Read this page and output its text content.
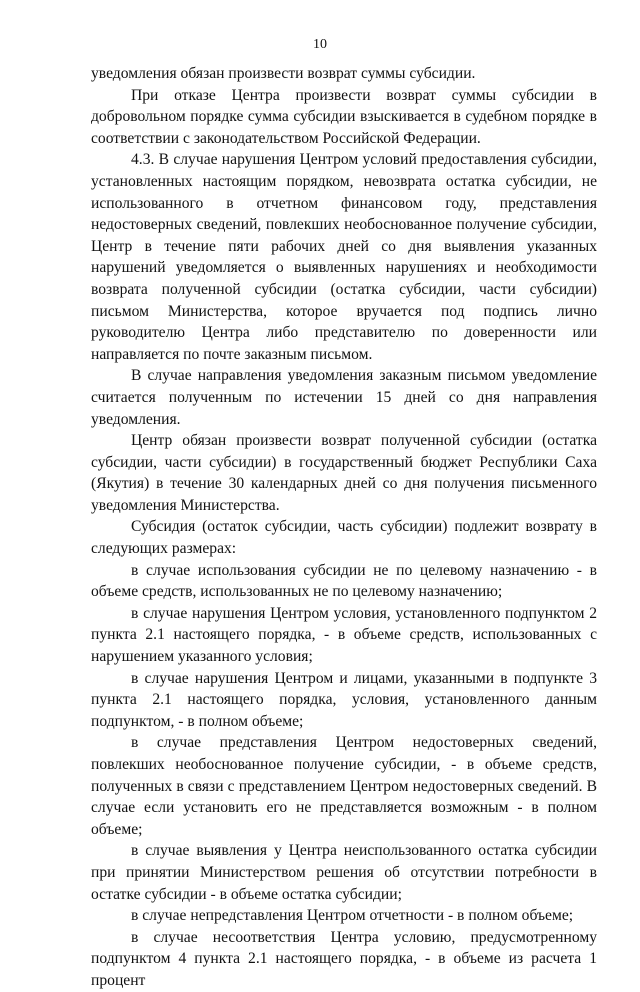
10

уведомления обязан произвести возврат суммы субсидии.

При отказе Центра произвести возврат суммы субсидии в добровольном порядке сумма субсидии взыскивается в судебном порядке в соответствии с законодательством Российской Федерации.

4.3. В случае нарушения Центром условий предоставления субсидии, установленных настоящим порядком, невозврата остатка субсидии, не использованного в отчетном финансовом году, представления недостоверных сведений, повлекших необоснованное получение субсидии, Центр в течение пяти рабочих дней со дня выявления указанных нарушений уведомляется о выявленных нарушениях и необходимости возврата полученной субсидии (остатка субсидии, части субсидии) письмом Министерства, которое вручается под подпись лично руководителю Центра либо представителю по доверенности или направляется по почте заказным письмом.

В случае направления уведомления заказным письмом уведомление считается полученным по истечении 15 дней со дня направления уведомления.

Центр обязан произвести возврат полученной субсидии (остатка субсидии, части субсидии) в государственный бюджет Республики Саха (Якутия) в течение 30 календарных дней со дня получения письменного уведомления Министерства.

Субсидия (остаток субсидии, часть субсидии) подлежит возврату в следующих размерах:

в случае использования субсидии не по целевому назначению - в объеме средств, использованных не по целевому назначению;

в случае нарушения Центром условия, установленного подпунктом 2 пункта 2.1 настоящего порядка, - в объеме средств, использованных с нарушением указанного условия;

в случае нарушения Центром и лицами, указанными в подпункте 3 пункта 2.1 настоящего порядка, условия, установленного данным подпунктом, - в полном объеме;

в случае представления Центром недостоверных сведений, повлекших необоснованное получение субсидии, - в объеме средств, полученных в связи с представлением Центром недостоверных сведений. В случае если установить его не представляется возможным - в полном объеме;

в случае выявления у Центра неиспользованного остатка субсидии при принятии Министерством решения об отсутствии потребности в остатке субсидии - в объеме остатка субсидии;

в случае непредставления Центром отчетности - в полном объеме;

в случае несоответствия Центра условию, предусмотренному подпунктом 4 пункта 2.1 настоящего порядка, - в объеме из расчета 1 процент
